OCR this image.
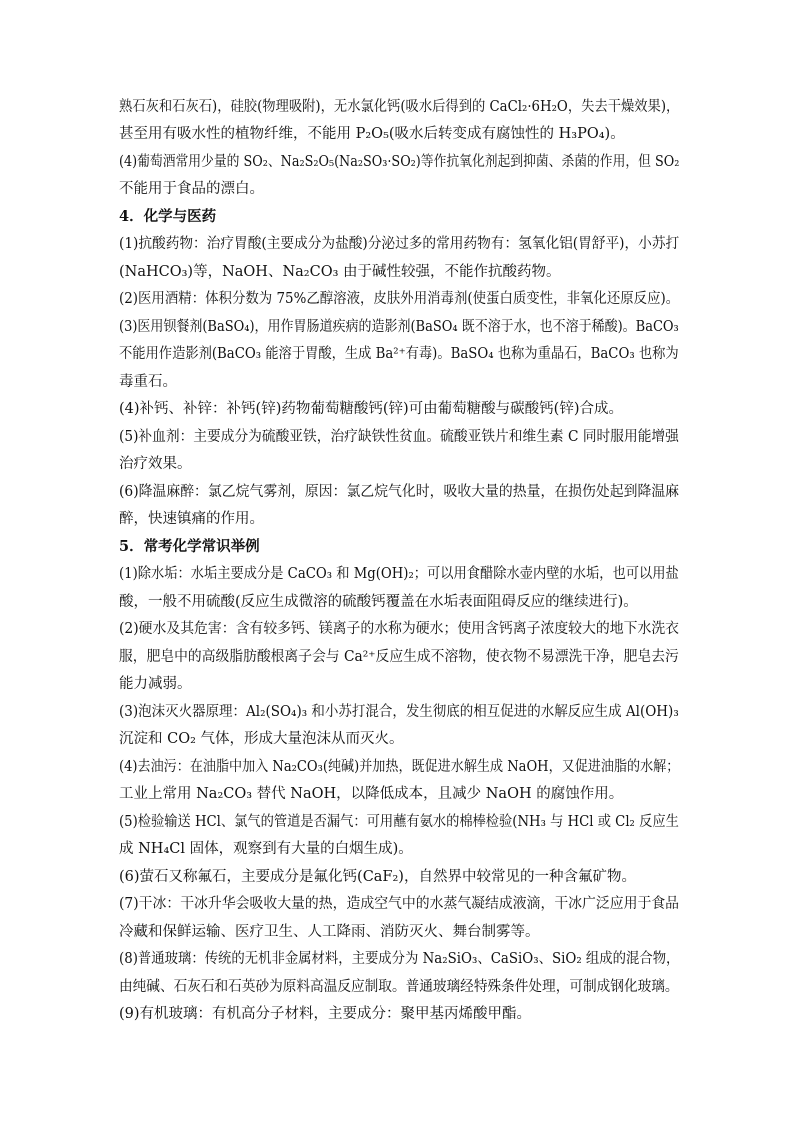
熟石灰和石灰石)，硅胶(物理吸附)，无水氯化钙(吸水后得到的 CaCl₂·6H₂O，失去干燥效果)，
甚至用有吸水性的植物纤维，不能用 P₂O₅(吸水后转变成有腐蚀性的 H₃PO₄)。
(4)葡萄酒常用少量的 SO₂、Na₂S₂O₅(Na₂SO₃·SO₂)等作抗氧化剂起到抑菌、杀菌的作用，但 SO₂
不能用于食品的漂白。
4．化学与医药
(1)抗酸药物：治疗胃酸(主要成分为盐酸)分泌过多的常用药物有：氢氧化铝(胃舒平)，小苏打
(NaHCO₃)等，NaOH、Na₂CO₃ 由于碱性较强，不能作抗酸药物。
(2)医用酒精：体积分数为 75%乙醇溶液，皮肤外用消毒剂(使蛋白质变性，非氧化还原反应)。
(3)医用钡餐剂(BaSO₄)，用作胃肠道疾病的造影剂(BaSO₄ 既不溶于水，也不溶于稀酸)。BaCO₃
不能用作造影剂(BaCO₃ 能溶于胃酸，生成 Ba²⁺有毒)。BaSO₄ 也称为重晶石，BaCO₃ 也称为
毒重石。
(4)补钙、补锌：补钙(锌)药物葡萄糖酸钙(锌)可由葡萄糖酸与碳酸钙(锌)合成。
(5)补血剂：主要成分为硫酸亚铁，治疗缺铁性贫血。硫酸亚铁片和维生素 C 同时服用能增强
治疗效果。
(6)降温麻醉：氯乙烷气雾剂，原因：氯乙烷气化时，吸收大量的热量，在损伤处起到降温麻
醉，快速镇痛的作用。
5．常考化学常识举例
(1)除水垢：水垢主要成分是 CaCO₃ 和 Mg(OH)₂；可以用食醋除水壶内壁的水垢，也可以用盐
酸，一般不用硫酸(反应生成微溶的硫酸钙覆盖在水垢表面阻碍反应的继续进行)。
(2)硬水及其危害：含有较多钙、镁离子的水称为硬水；使用含钙离子浓度较大的地下水洗衣
服，肥皂中的高级脂肪酸根离子会与 Ca²⁺反应生成不溶物，使衣物不易漂洗干净，肥皂去污
能力减弱。
(3)泡沫灭火器原理：Al₂(SO₄)₃ 和小苏打混合，发生彻底的相互促进的水解反应生成 Al(OH)₃
沉淀和 CO₂ 气体，形成大量泡沫从而灭火。
(4)去油污：在油脂中加入 Na₂CO₃(纯碱)并加热，既促进水解生成 NaOH，又促进油脂的水解；
工业上常用 Na₂CO₃ 替代 NaOH，以降低成本，且减少 NaOH 的腐蚀作用。
(5)检验输送 HCl、氯气的管道是否漏气：可用蘸有氨水的棉棒检验(NH₃ 与 HCl 或 Cl₂ 反应生
成 NH₄Cl 固体，观察到有大量的白烟生成)。
(6)萤石又称氟石，主要成分是氟化钙(CaF₂)，自然界中较常见的一种含氟矿物。
(7)干冰：干冰升华会吸收大量的热，造成空气中的水蒸气凝结成液滴，干冰广泛应用于食品
冷藏和保鲜运输、医疗卫生、人工降雨、消防灭火、舞台制雾等。
(8)普通玻璃：传统的无机非金属材料，主要成分为 Na₂SiO₃、CaSiO₃、SiO₂ 组成的混合物，
由纯碱、石灰石和石英砂为原料高温反应制取。普通玻璃经特殊条件处理，可制成钢化玻璃。
(9)有机玻璃：有机高分子材料，主要成分：聚甲基丙烯酸甲酯。
